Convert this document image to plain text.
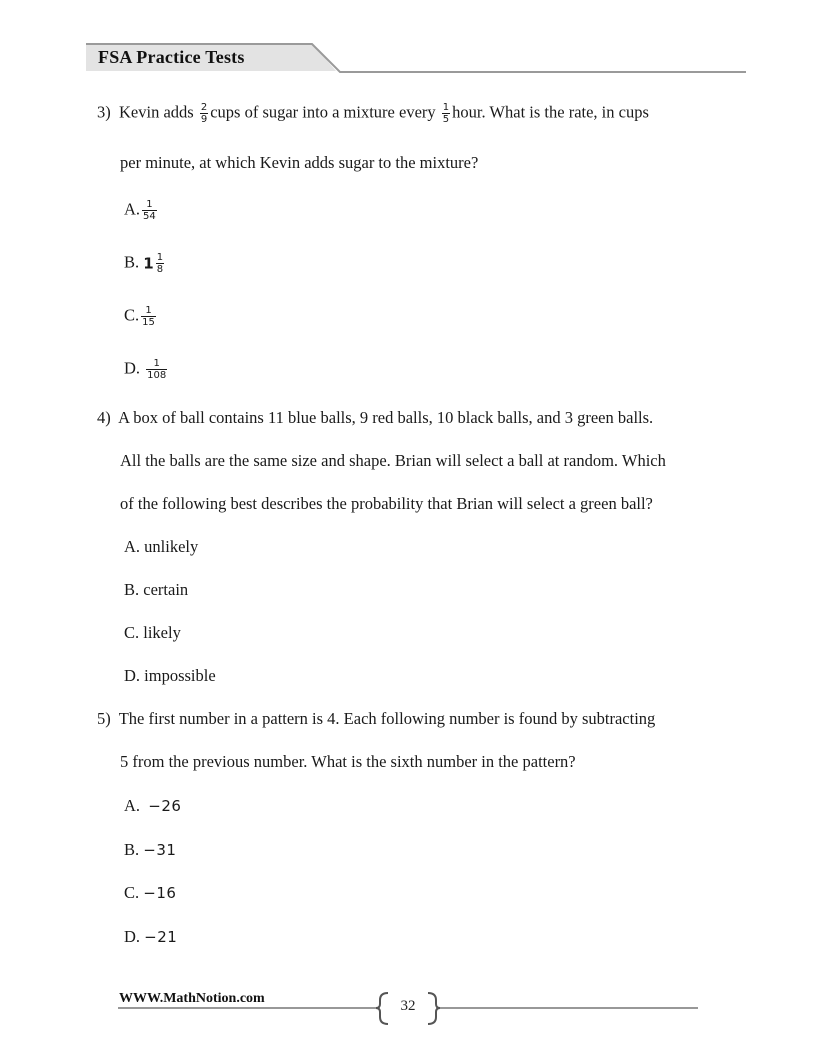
FSA Practice Tests
3) Kevin adds $\frac{2}{9}$ cups of sugar into a mixture every $\frac{1}{5}$ hour. What is the rate, in cups
per minute, at which Kevin adds sugar to the mixture?
A. $\frac{1}{54}$
B. $1 \frac{1}{8}$
C. $\frac{1}{15}$
D. $\frac{1}{108}$
4) A box of ball contains 11 blue balls, 9 red balls, 10 black balls, and 3 green balls.
All the balls are the same size and shape. Brian will select a ball at random. Which
of the following best describes the probability that Brian will select a green ball?
A. unlikely
B. certain
C. likely
D. impossible
5) The first number in a pattern is 4. Each following number is found by subtracting
5 from the previous number. What is the sixth number in the pattern?
A. −26
B. −31
C. −16
D. −21
WWW.MathNotion.com	32
